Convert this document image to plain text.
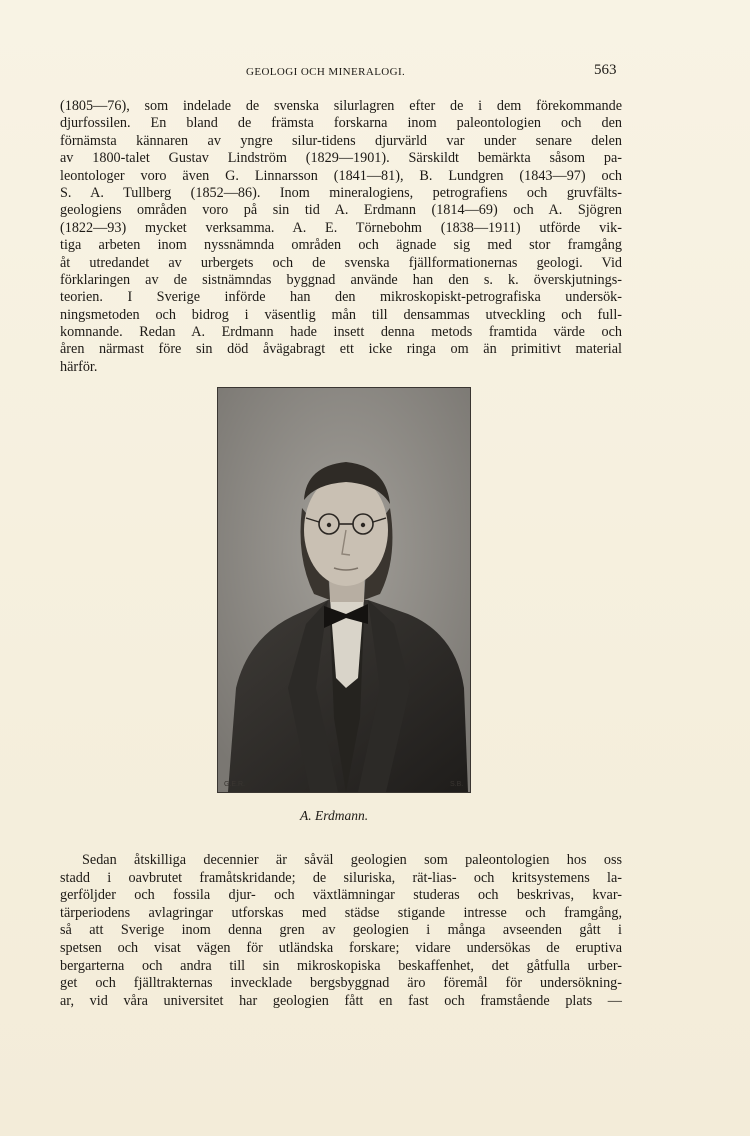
GEOLOGI OCH MINERALOGI.	563
(1805—76), som indelade de svenska silurlagren efter de i dem förekommande
djurfossilen. En bland de främsta forskarna inom paleontologien och den
förnämsta kännaren av yngre silur-tidens djurvärld var under senare delen
av 1800-talet Gustav Lindström (1829—1901). Särskildt bemärkta såsom pa-
leontologer voro även G. Linnarsson (1841—81), B. Lundgren (1843—97) och
S. A. Tullberg (1852—86). Inom mineralogiens, petrografiens och gruvfälts-
geologiens områden voro på sin tid A. Erdmann (1814—69) och A. Sjögren
(1822—93) mycket verksamma. A. E. Törnebohm (1838—1911) utförde vik-
tiga arbeten inom nyssnämnda områden och ägnade sig med stor framgång
åt utredandet av urbergets och de svenska fjällformationernas geologi. Vid
förklaringen av de sistnämndas byggnad använde han den s. k. överskjutnings-
teorien. I Sverige införde han den mikroskopiskt-petrografiska undersök-
ningsmetoden och bidrog i väsentlig mån till densammas utveckling och full-
komnande. Redan A. Erdmann hade insett denna metods framtida värde och
åren närmast före sin död åvägabragt ett icke ringa om än primitivt material
härför.
G.E.R.	S.B.
A. Erdmann.
Sedan åtskilliga decennier är såväl geologien som paleontologien hos oss
stadd i oavbrutet framåtskridande; de siluriska, rät-lias- och kritsystemens la-
gerföljder och fossila djur- och växtlämningar studeras och beskrivas, kvar-
tärperiodens avlagringar utforskas med städse stigande intresse och framgång,
så att Sverige inom denna gren av geologien i många avseenden gått i
spetsen och visat vägen för utländska forskare; vidare undersökas de eruptiva
bergarterna och andra till sin mikroskopiska beskaffenhet, det gåtfulla urber-
get och fjälltrakternas invecklade bergsbyggnad äro föremål för undersökning-
ar, vid våra universitet har geologien fått en fast och framstående plats —
